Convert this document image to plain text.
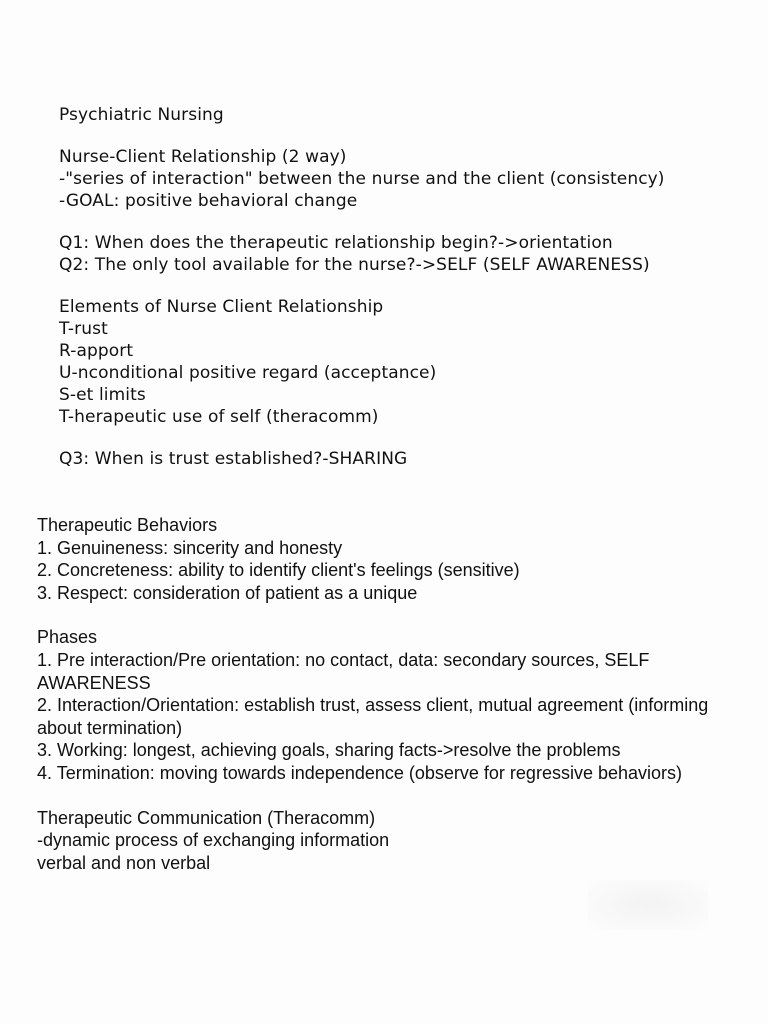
Psychiatric Nursing
Nurse-Client Relationship (2 way)
-"series of interaction" between the nurse and the client (consistency)
-GOAL: positive behavioral change
Q1: When does the therapeutic relationship begin?->orientation
Q2: The only tool available for the nurse?->SELF (SELF AWARENESS)
Elements of Nurse Client Relationship
T-rust
R-apport
U-nconditional positive regard (acceptance)
S-et limits
T-herapeutic use of self (theracomm)
Q3: When is trust established?-SHARING
Therapeutic Behaviors
1. Genuineness: sincerity and honesty
2. Concreteness: ability to identify client's feelings (sensitive)
3. Respect: consideration of patient as a unique
Phases
1. Pre interaction/Pre orientation: no contact, data: secondary sources, SELF AWARENESS
2. Interaction/Orientation: establish trust, assess client, mutual agreement (informing about termination)
3. Working: longest, achieving goals, sharing facts->resolve the problems
4. Termination: moving towards independence (observe for regressive behaviors)
Therapeutic Communication (Theracomm)
-dynamic process of exchanging information
verbal and non verbal
